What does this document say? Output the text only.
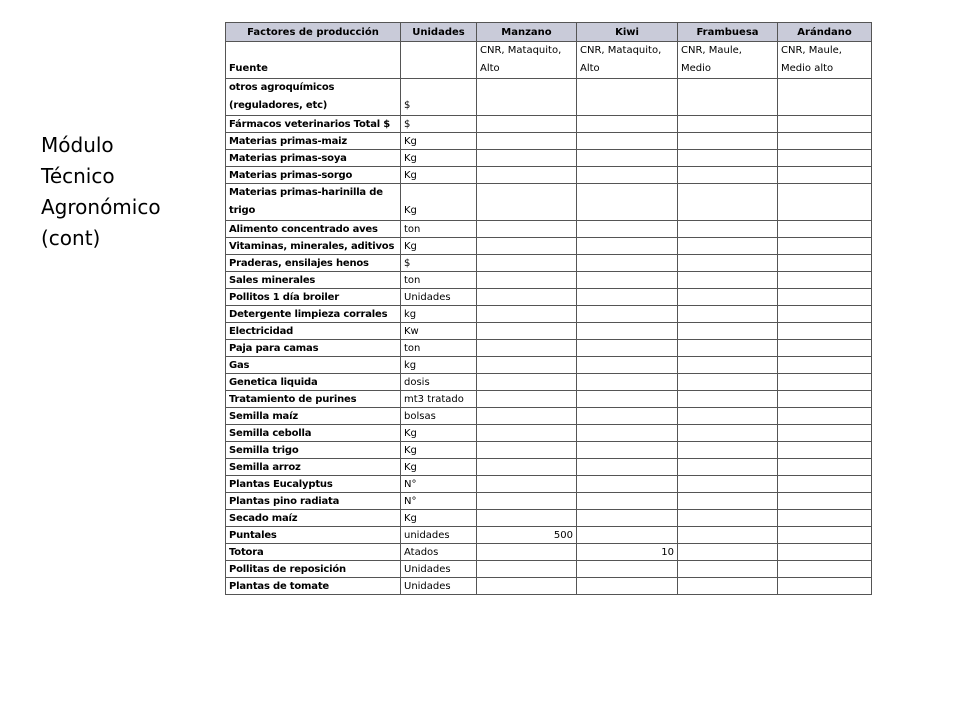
Módulo
Técnico
Agronómico
(cont)
Factores de producción	Unidades	Manzano	Kiwi	Frambuesa	Arándano
Fuente		CNR, Mataquito, Alto	CNR, Mataquito, Alto	CNR, Maule, Medio	CNR, Maule, Medio alto
otros agroquímicos (reguladores, etc)	$				
Fármacos veterinarios Total $	$				
Materias primas-maiz	Kg				
Materias primas-soya	Kg				
Materias primas-sorgo	Kg				
Materias primas-harinilla de trigo	Kg				
Alimento concentrado aves	ton				
Vitaminas, minerales, aditivos	Kg				
Praderas, ensilajes henos	$				
Sales minerales	ton				
Pollitos 1 día broiler	Unidades				
Detergente limpieza corrales	kg				
Electricidad	Kw				
Paja para camas	ton				
Gas	kg				
Genetica liquida	dosis				
Tratamiento de purines	mt3 tratado				
Semilla maíz	bolsas				
Semilla cebolla	Kg				
Semilla trigo	Kg				
Semilla arroz	Kg				
Plantas Eucalyptus	N°				
Plantas pino radiata	N°				
Secado maíz	Kg				
Puntales	unidades	500			
Totora	Atados		10		
Pollitas de reposición	Unidades				
Plantas de tomate	Unidades				
